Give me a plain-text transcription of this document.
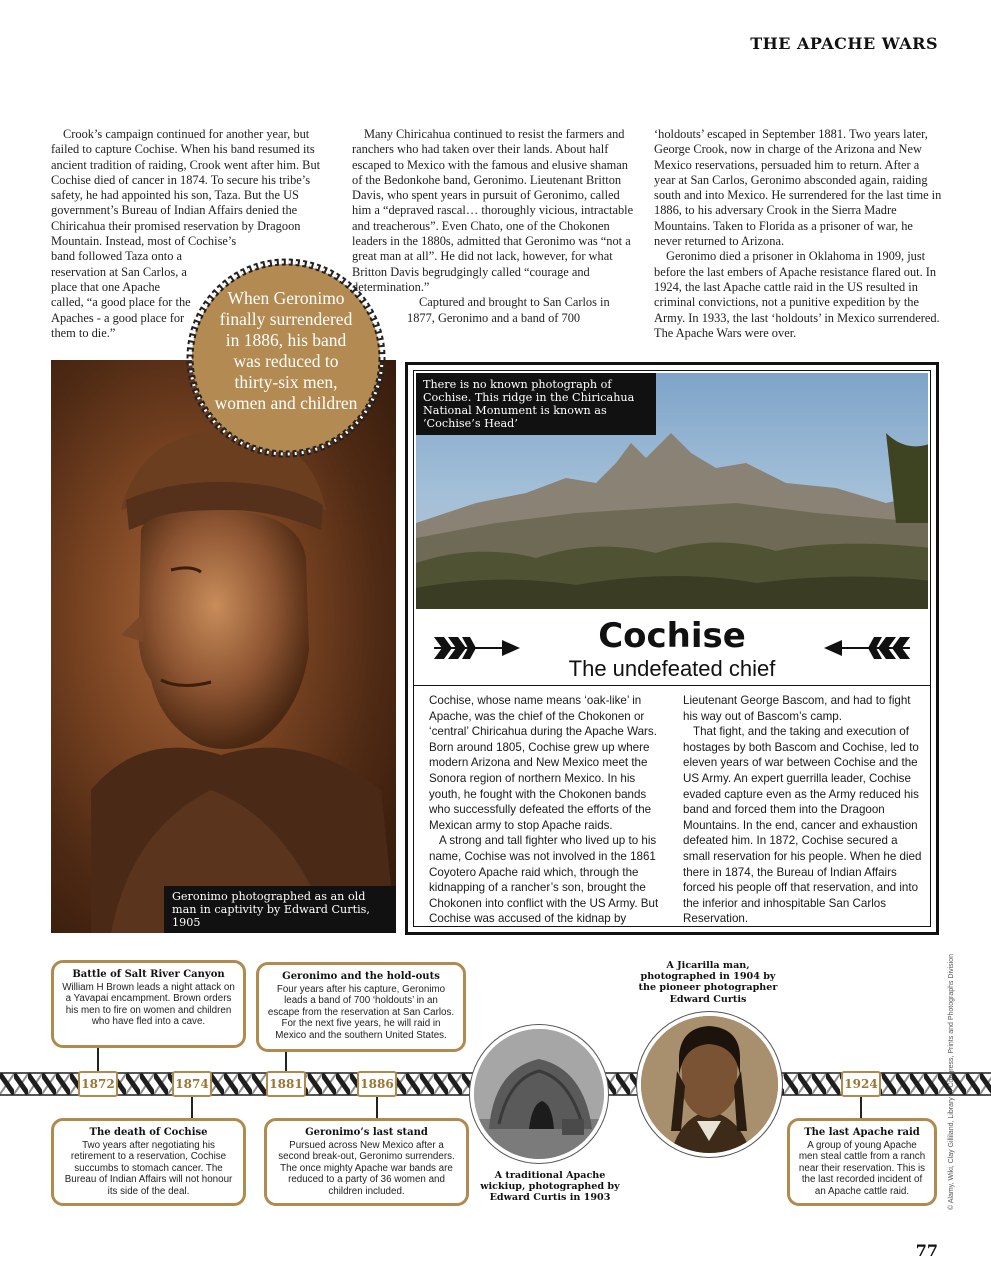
THE APACHE WARS

Crook’s campaign continued for another year, but failed to capture Cochise. When his band resumed its ancient tradition of raiding, Crook went after him. But Cochise died of cancer in 1874. To secure his tribe’s safety, he had appointed his son, Taza. But the US government’s Bureau of Indian Affairs denied the Chiricahua their promised reservation by Dragoon Mountain. Instead, most of Cochise’s

band followed Taza onto a reservation at San Carlos, a place that one Apache called, “a good place for the Apaches - a good place for them to die.”

Many Chiricahua continued to resist the farmers and ranchers who had taken over their lands. About half escaped to Mexico with the famous and elusive shaman of the Bedonkohe band, Geronimo. Lieutenant Britton Davis, who spent years in pursuit of Geronimo, called him a “depraved rascal… thoroughly vicious, intractable and treacherous”. Even Chato, one of the Chokonen leaders in the 1880s, admitted that Geronimo was “not a great man at all”. He did not lack, however, for what Britton Davis begrudgingly called “courage and determination.”

Captured and brought to San Carlos in 1877, Geronimo and a band of 700

‘holdouts’ escaped in September 1881. Two years later, George Crook, now in charge of the Arizona and New Mexico reservations, persuaded him to return. After a year at San Carlos, Geronimo absconded again, raiding south and into Mexico. He surrendered for the last time in 1886, to his adversary Crook in the Sierra Madre Mountains. Taken to Florida as a prisoner of war, he never returned to Arizona.

Geronimo died a prisoner in Oklahoma in 1909, just before the last embers of Apache resistance flared out. In 1924, the last Apache cattle raid in the US resulted in criminal convictions, not a punitive expedition by the Army. In 1933, the last ‘holdouts’ in Mexico surrendered. The Apache Wars were over.

Geronimo photographed as an old man in captivity by Edward Curtis, 1905
When Geronimo finally surrendered in 1886, his band was reduced to thirty-six men, women and children
There is no known photograph of Cochise. This ridge in the Chiricahua National Monument is known as ‘Cochise’s Head’
Cochise
The undefeated chief

Cochise, whose name means ‘oak-like’ in Apache, was the chief of the Chokonen or ‘central’ Chiricahua during the Apache Wars. Born around 1805, Cochise grew up where modern Arizona and New Mexico meet the Sonora region of northern Mexico. In his youth, he fought with the Chokonen bands who successfully defeated the efforts of the Mexican army to stop Apache raids.

A strong and tall fighter who lived up to his name, Cochise was not involved in the 1861 Coyotero Apache raid which, through the kidnapping of a rancher’s son, brought the Chokonen into conflict with the US Army. But Cochise was accused of the kidnap by

Lieutenant George Bascom, and had to fight his way out of Bascom’s camp.

That fight, and the taking and execution of hostages by both Bascom and Cochise, led to eleven years of war between Cochise and the US Army. An expert guerrilla leader, Cochise evaded capture even as the Army reduced his band and forced them into the Dragoon Mountains. In the end, cancer and exhaustion defeated him. In 1872, Cochise secured a small reservation for his people. When he died there in 1874, the Bureau of Indian Affairs forced his people off that reservation, and into the inferior and inhospitable San Carlos Reservation.

1872	1874	1881	1886	1924
Battle of Salt River Canyon
William H Brown leads a night attack on a Yavapai encampment. Brown orders his men to fire on women and children who have fled into a cave.
The death of Cochise
Two years after negotiating his retirement to a reservation, Cochise succumbs to stomach cancer. The Bureau of Indian Affairs will not honour its side of the deal.
Geronimo and the hold-outs
Four years after his capture, Geronimo leads a band of 700 ‘holdouts’ in an escape from the reservation at San Carlos. For the next five years, he will raid in Mexico and the southern United States.
Geronimo’s last stand
Pursued across New Mexico after a second break-out, Geronimo surrenders. The once mighty Apache war bands are reduced to a party of 36 women and children included.
The last Apache raid
A group of young Apache men steal cattle from a ranch near their reservation. This is the last recorded incident of an Apache cattle raid.
A traditional Apache wickiup, photographed by Edward Curtis in 1903
A Jicarilla man, photographed in 1904 by the pioneer photographer Edward Curtis	© Alamy, Wiki, Clay Gilliland, Library of Congress, Prints and Photographs Division
77
